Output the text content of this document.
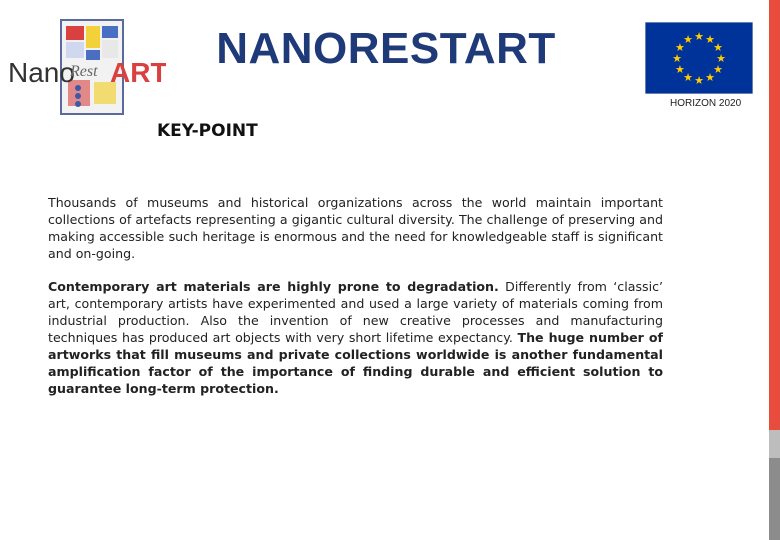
Nano
Rest ART	NANORESTART	★ ★
★
★
★
★
★
★
★
★
★
★
HORIZON 2020
KEY-POINT

Thousands of museums and historical organizations across the world maintain important collections of artefacts representing a gigantic cultural diversity. The challenge of preserving and making accessible such heritage is enormous and the need for knowledgeable staff is significant and on-going.

Contemporary art materials are highly prone to degradation. Differently from ‘classic’ art, contemporary artists have experimented and used a large variety of materials coming from industrial production. Also the invention of new creative processes and manufacturing techniques has produced art objects with very short lifetime expectancy. The huge number of artworks that fill museums and private collections worldwide is another fundamental amplification factor of the importance of finding durable and efficient solution to guarantee long-term protection.
